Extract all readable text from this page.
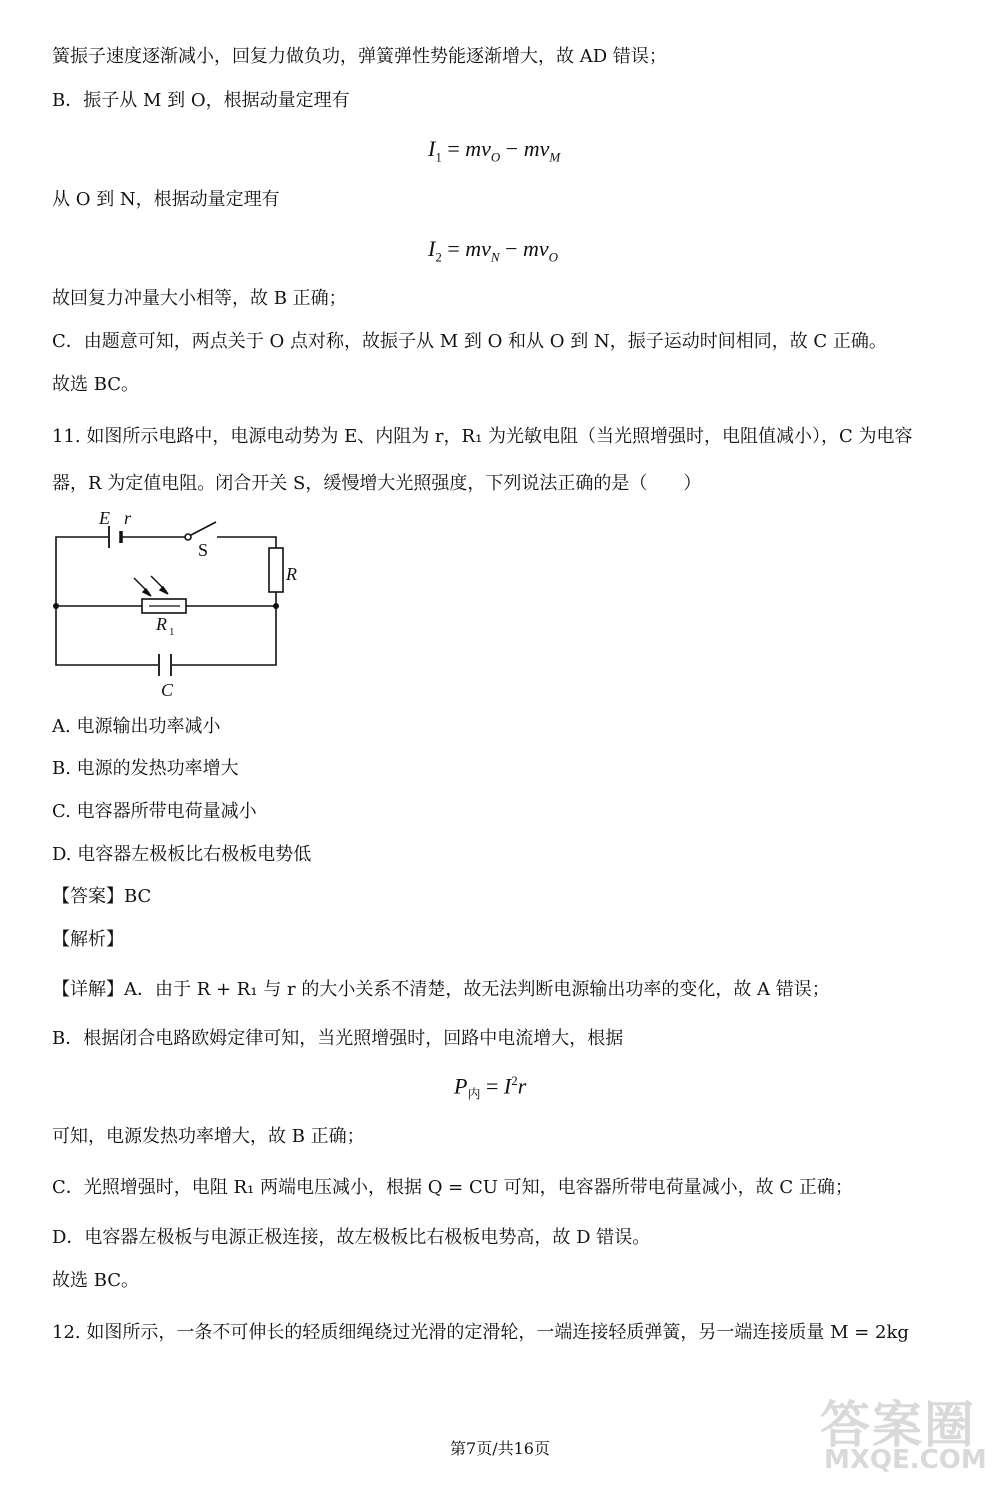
簧振子速度逐渐减小，回复力做负功，弹簧弹性势能逐渐增大，故 AD 错误；
B．振子从 M 到 O，根据动量定理有
$I_1 = mv_O - mv_M$
从 O 到 N，根据动量定理有
$I_2 = mv_N - mv_O$
故回复力冲量大小相等，故 B 正确；
C．由题意可知，两点关于 O 点对称，故振子从 M 到 O 和从 O 到 N，振子运动时间相同，故 C 正确。
故选 BC。
11. 如图所示电路中，电源电动势为 E、内阻为 r，R₁ 为光敏电阻（当光照增强时，电阻值减小），C 为电容
器，R 为定值电阻。闭合开关 S，缓慢增大光照强度，下列说法正确的是（　　）
E r
R
C
R 1
S
A. 电源输出功率减小
B. 电源的发热功率增大
C. 电容器所带电荷量减小
D. 电容器左极板比右极板电势低
【答案】BC
【解析】
【详解】A．由于 R + R₁ 与 r 的大小关系不清楚，故无法判断电源输出功率的变化，故 A 错误；
B．根据闭合电路欧姆定律可知，当光照增强时，回路中电流增大，根据
$P_内 = I^2r$
可知，电源发热功率增大，故 B 正确；
C．光照增强时，电阻 R₁ 两端电压减小，根据 Q = CU 可知，电容器所带电荷量减小，故 C 正确；
D．电容器左极板与电源正极连接，故左极板比右极板电势高，故 D 错误。
故选 BC。
12. 如图所示，一条不可伸长的轻质细绳绕过光滑的定滑轮，一端连接轻质弹簧，另一端连接质量 M = 2kg
答案圈
MXQE.COM
第7页/共16页
